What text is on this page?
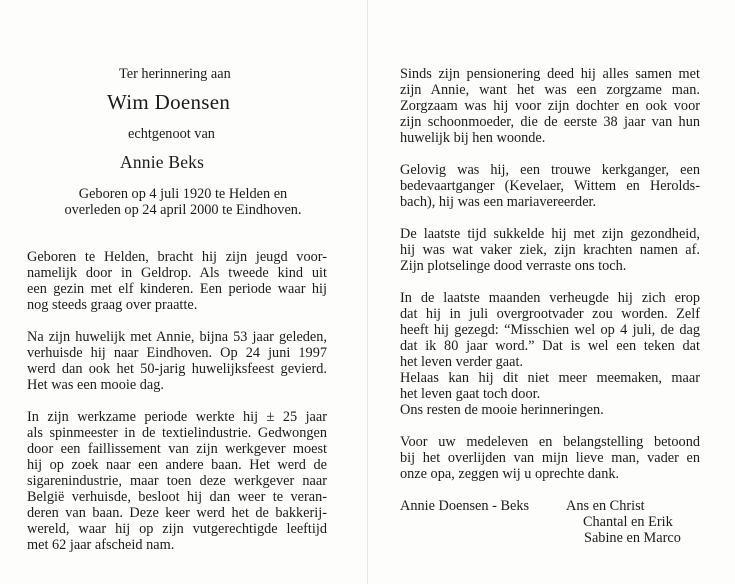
Ter herinnering aan
Wim Doensen
echtgenoot van
Annie Beks
Geboren op 4 juli 1920 te Helden en
overleden op 24 april 2000 te Eindhoven.
Geboren te Helden, bracht hij zijn jeugd voor-
namelijk door in Geldrop. Als tweede kind uit
een gezin met elf kinderen. Een periode waar hij
nog steeds graag over praatte.
Na zijn huwelijk met Annie, bijna 53 jaar geleden,
verhuisde hij naar Eindhoven. Op 24 juni 1997
werd dan ook het 50-jarig huwelijksfeest gevierd.
Het was een mooie dag.
In zijn werkzame periode werkte hij ± 25 jaar
als spinmeester in de textielindustrie. Gedwongen
door een faillissement van zijn werkgever moest
hij op zoek naar een andere baan. Het werd de
sigarenindustrie, maar toen deze werkgever naar
België verhuisde, besloot hij dan weer te veran-
deren van baan. Deze keer werd het de bakkerij-
wereld, waar hij op zijn vutgerechtigde leeftijd
met 62 jaar afscheid nam.
Sinds zijn pensionering deed hij alles samen met
zijn Annie, want het was een zorgzame man.
Zorgzaam was hij voor zijn dochter en ook voor
zijn schoonmoeder, die de eerste 38 jaar van hun
huwelijk bij hen woonde.
Gelovig was hij, een trouwe kerkganger, een
bedevaartganger (Kevelaer, Wittem en Herolds-
bach), hij was een mariavereerder.
De laatste tijd sukkelde hij met zijn gezondheid,
hij was wat vaker ziek, zijn krachten namen af.
Zijn plotselinge dood verraste ons toch.
In de laatste maanden verheugde hij zich erop
dat hij in juli overgrootvader zou worden. Zelf
heeft hij gezegd: “Misschien wel op 4 juli, de dag
dat ik 80 jaar word.” Dat is wel een teken dat
het leven verder gaat.
Helaas kan hij dit niet meer meemaken, maar
het leven gaat toch door.
Ons resten de mooie herinneringen.
Voor uw medeleven en belangstelling betoond
bij het overlijden van mijn lieve man, vader en
onze opa, zeggen wij u oprechte dank.
Annie Doensen - Beks	Ans en Christ
Chantal en Erik
Sabine en Marco
